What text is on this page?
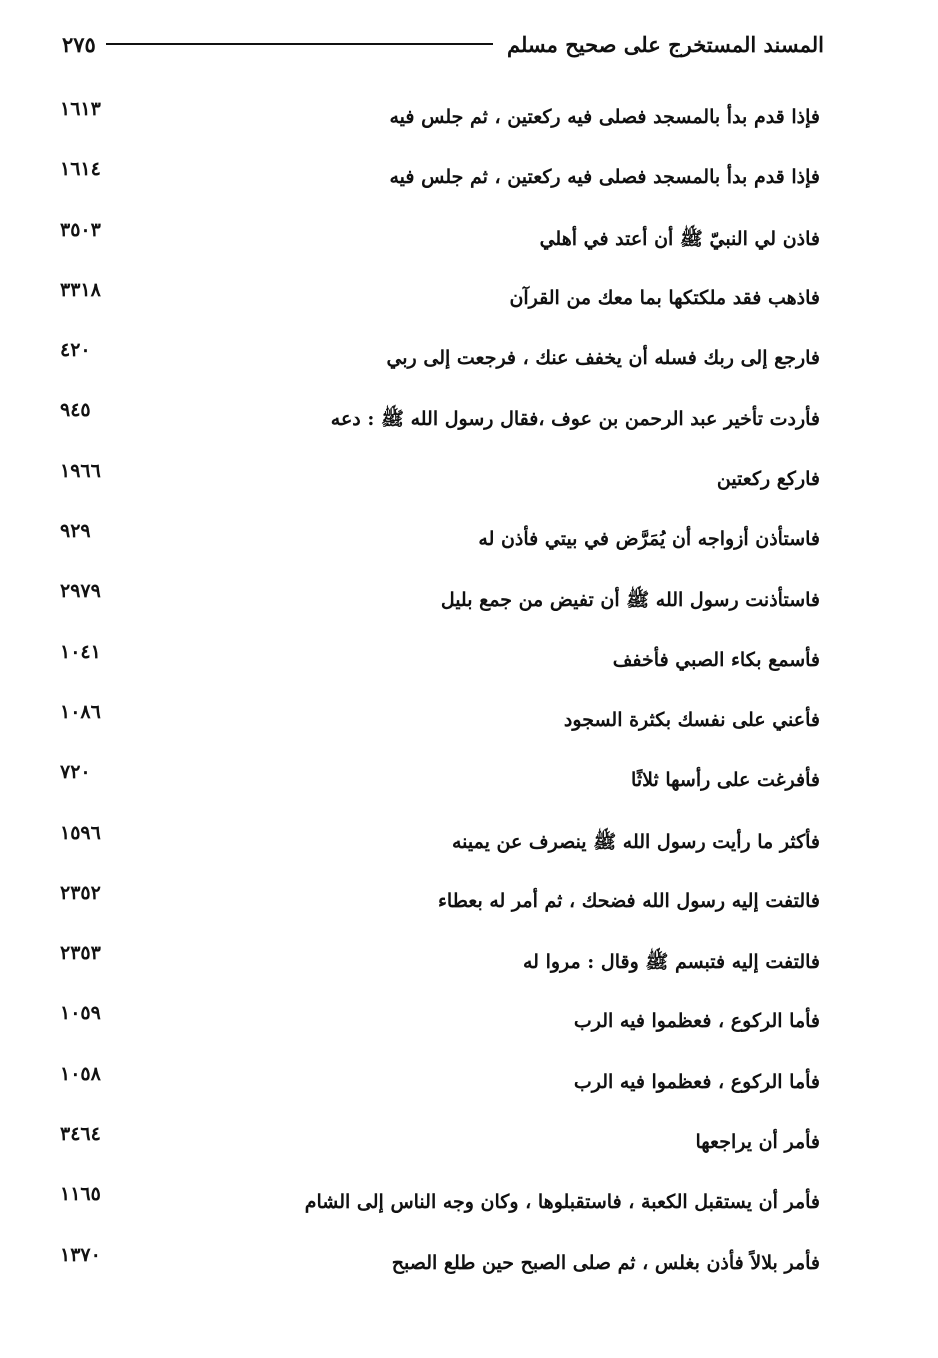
المسند المستخرج على صحيح مسلم
٢٧٥
فإذا قدم بدأ بالمسجد فصلى فيه ركعتين ، ثم جلس فيه
١٦١٣
فإذا قدم بدأ بالمسجد فصلى فيه ركعتين ، ثم جلس فيه
١٦١٤
فاذن لي النبيّ ﷺ أن أعتد في أهلي
٣٥٠٣
فاذهب فقد ملكتكها بما معك من القرآن
٣٣١٨
فارجع إلى ربك فسله أن يخفف عنك ، فرجعت إلى ربي
٤٢٠
فأردت تأخير عبد الرحمن بن عوف ،فقال رسول الله ﷺ : دعه
٩٤٥
فاركع ركعتين
١٩٦٦
فاستأذن أزواجه أن يُمَرَّض في بيتي فأذن له
٩٢٩
فاستأذنت رسول الله ﷺ أن تفيض من جمع بليل
٢٩٧٩
فأسمع بكاء الصبي فأخفف
١٠٤١
فأعني على نفسك بكثرة السجود
١٠٨٦
فأفرغت على رأسها ثلاثًا
٧٢٠
فأكثر ما رأيت رسول الله ﷺ ينصرف عن يمينه
١٥٩٦
فالتفت إليه رسول الله فضحك ، ثم أمر له بعطاء
٢٣٥٢
فالتفت إليه فتبسم ﷺ وقال : مروا له
٢٣٥٣
فأما الركوع ، فعظموا فيه الرب
١٠٥٩
فأما الركوع ، فعظموا فيه الرب
١٠٥٨
فأمر أن يراجعها
٣٤٦٤
فأمر أن يستقبل الكعبة ، فاستقبلوها ، وكان وجه الناس إلى الشام
١١٦٥
فأمر بلالاً فأذن بغلس ، ثم صلى الصبح حين طلع الصبح
١٣٧٠
